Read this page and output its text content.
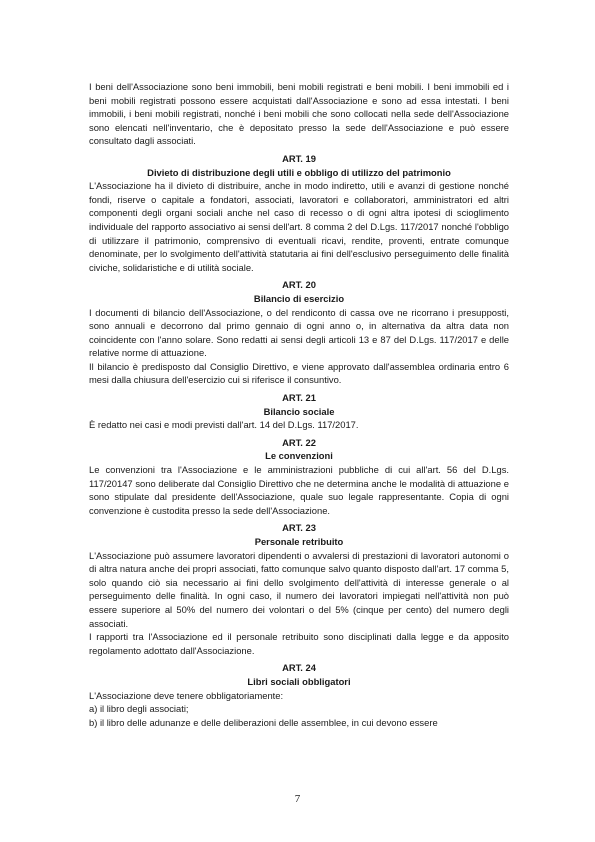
I beni dell'Associazione sono beni immobili, beni mobili registrati e beni mobili. I beni immobili ed i beni mobili registrati possono essere acquistati dall'Associazione e sono ad essa intestati. I beni immobili, i beni mobili registrati, nonché i beni mobili che sono collocati nella sede dell'Associazione sono elencati nell'inventario, che è depositato presso la sede dell'Associazione e può essere consultato dagli associati.

ART. 19
Divieto di distribuzione degli utili e obbligo di utilizzo del patrimonio

L'Associazione ha il divieto di distribuire, anche in modo indiretto, utili e avanzi di gestione nonché fondi, riserve o capitale a fondatori, associati, lavoratori e collaboratori, amministratori ed altri componenti degli organi sociali anche nel caso di recesso o di ogni altra ipotesi di scioglimento individuale del rapporto associativo ai sensi dell'art. 8 comma 2 del D.Lgs. 117/2017 nonché l'obbligo di utilizzare il patrimonio, comprensivo di eventuali ricavi, rendite, proventi, entrate comunque denominate, per lo svolgimento dell'attività statutaria ai fini dell'esclusivo perseguimento delle finalità civiche, solidaristiche e di utilità sociale.

ART. 20
Bilancio di esercizio

I documenti di bilancio dell'Associazione, o del rendiconto di cassa ove ne ricorrano i presupposti, sono annuali e decorrono dal primo gennaio di ogni anno o, in alternativa da altra data non coincidente con l'anno solare. Sono redatti ai sensi degli articoli 13 e 87 del D.Lgs. 117/2017 e delle relative norme di attuazione.

Il bilancio è predisposto dal Consiglio Direttivo, e viene approvato dall'assemblea ordinaria entro 6 mesi dalla chiusura dell'esercizio cui si riferisce il consuntivo.

ART. 21
Bilancio sociale

È redatto nei casi e modi previsti dall'art. 14 del D.Lgs. 117/2017.

ART. 22
Le convenzioni

Le convenzioni tra l'Associazione e le amministrazioni pubbliche di cui all'art. 56 del D.Lgs. 117/20147 sono deliberate dal Consiglio Direttivo che ne determina anche le modalità di attuazione e sono stipulate dal presidente dell'Associazione, quale suo legale rappresentante. Copia di ogni convenzione è custodita presso la sede dell'Associazione.

ART. 23
Personale retribuito

L'Associazione può assumere lavoratori dipendenti o avvalersi di prestazioni di lavoratori autonomi o di altra natura anche dei propri associati, fatto comunque salvo quanto disposto dall'art. 17 comma 5, solo quando ciò sia necessario ai fini dello svolgimento dell'attività di interesse generale o al perseguimento delle finalità. In ogni caso, il numero dei lavoratori impiegati nell'attività non può essere superiore al 50% del numero dei volontari o del 5% (cinque per cento) del numero degli associati.

I rapporti tra l'Associazione ed il personale retribuito sono disciplinati dalla legge e da apposito regolamento adottato dall'Associazione.

ART. 24
Libri sociali obbligatori

L'Associazione deve tenere obbligatoriamente:
a) il libro degli associati;
b) il libro delle adunanze e delle deliberazioni delle assemblee, in cui devono essere

7
